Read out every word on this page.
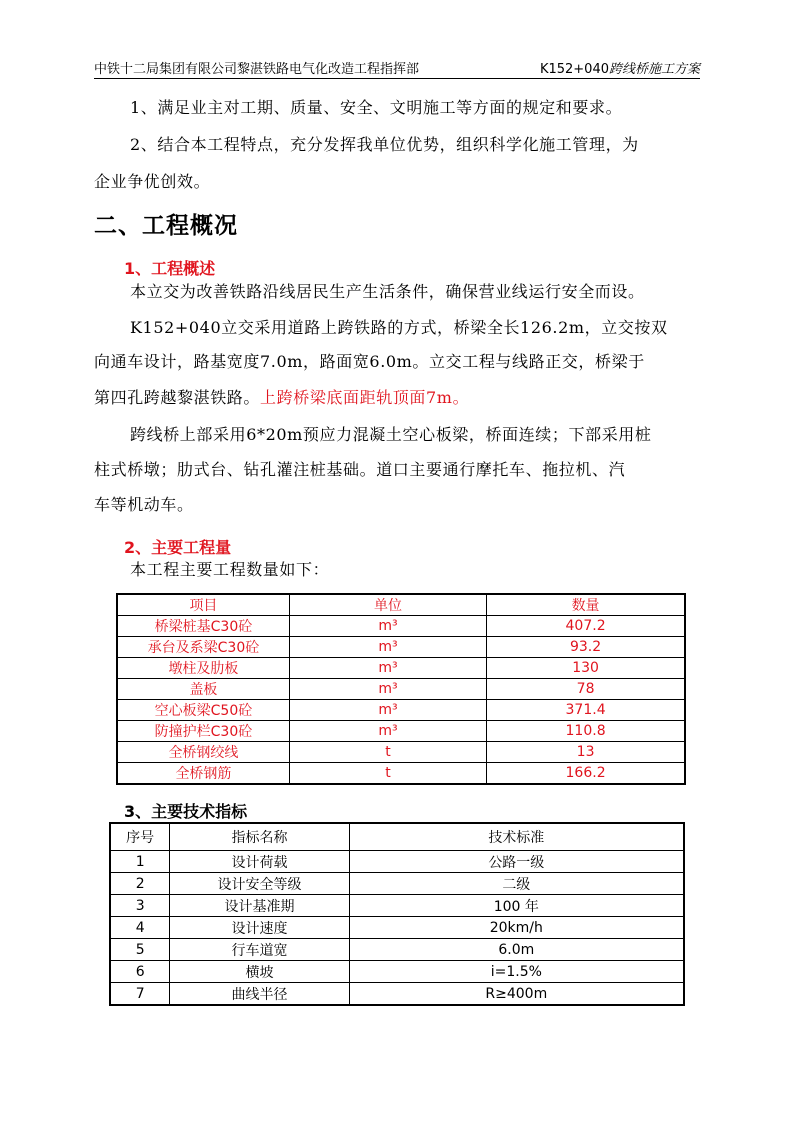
中铁十二局集团有限公司黎湛铁路电气化改造工程指挥部	K152+040跨线桥施工方案
1、满足业主对工期、质量、安全、文明施工等方面的规定和要求。
2、结合本工程特点，充分发挥我单位优势，组织科学化施工管理，为
企业争优创效。
二、工程概况
1、工程概述
本立交为改善铁路沿线居民生产生活条件，确保营业线运行安全而设。
K152+040立交采用道路上跨铁路的方式，桥梁全长126.2m，立交按双
向通车设计，路基宽度7.0m，路面宽6.0m。立交工程与线路正交，桥梁于
第四孔跨越黎湛铁路。上跨桥梁底面距轨顶面7m。
跨线桥上部采用6*20m预应力混凝土空心板梁，桥面连续；下部采用桩
柱式桥墩；肋式台、钻孔灌注桩基础。道口主要通行摩托车、拖拉机、汽
车等机动车。
2、主要工程量
本工程主要工程数量如下：
项目	单位	数量
桥梁桩基C30砼	m³	407.2
承台及系梁C30砼	m³	93.2
墩柱及肋板	m³	130
盖板	m³	78
空心板梁C50砼	m³	371.4
防撞护栏C30砼	m³	110.8
全桥钢绞线	t	13
全桥钢筋	t	166.2
3、主要技术指标
序号	指标名称	技术标准
1	设计荷载	公路一级
2	设计安全等级	二级
3	设计基准期	100 年
4	设计速度	20km/h
5	行车道宽	6.0m
6	横坡	i=1.5%
7	曲线半径	R≥400m
